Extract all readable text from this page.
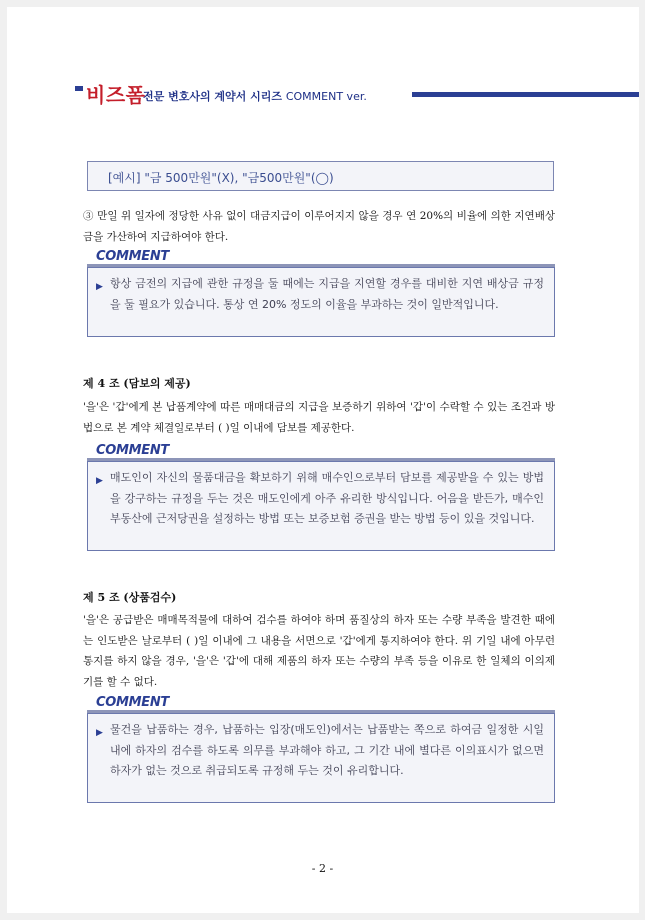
비즈폼
전문 변호사의 계약서 시리즈 COMMENT ver.
[예시] "금 500만원"(X), "금500만원"(◯)
③ 만일 위 일자에 정당한 사유 없이 대금지급이 이루어지지 않을 경우 연 20%의 비율에 의한 지연배상금을 가산하여 지급하여야 한다.
COMMENT
▶ 항상 금전의 지급에 관한 규정을 둘 때에는 지급을 지연할 경우를 대비한 지연 배상금 규정을 둘 필요가 있습니다. 통상 연 20% 정도의 이율을 부과하는 것이 일반적입니다.
제 4 조 (담보의 제공)
'을'은 '갑'에게 본 납품계약에 따른 매매대금의 지급을 보증하기 위하여 '갑'이 수락할 수 있는 조건과 방법으로 본 계약 체결일로부터 ( )일 이내에 담보를 제공한다.
COMMENT
▶ 매도인이 자신의 물품대금을 확보하기 위해 매수인으로부터 담보를 제공받을 수 있는 방법을 강구하는 규정을 두는 것은 매도인에게 아주 유리한 방식입니다. 어음을 받든가, 매수인 부동산에 근저당권을 설정하는 방법 또는 보증보험 증권을 받는 방법 등이 있을 것입니다.
제 5 조 (상품검수)
'을'은 공급받은 매매목적물에 대하여 검수를 하여야 하며 품질상의 하자 또는 수량 부족을 발견한 때에는 인도받은 날로부터 ( )일 이내에 그 내용을 서면으로 '갑'에게 통지하여야 한다. 위 기일 내에 아무런 통지를 하지 않을 경우, '을'은 '갑'에 대해 제품의 하자 또는 수량의 부족 등을 이유로 한 일체의 이의제기를 할 수 없다.
COMMENT
▶ 물건을 납품하는 경우, 납품하는 입장(매도인)에서는 납품받는 쪽으로 하여금 일정한 시일 내에 하자의 검수를 하도록 의무를 부과해야 하고, 그 기간 내에 별다른 이의표시가 없으면 하자가 없는 것으로 취급되도록 규정해 두는 것이 유리합니다.
- 2 -
